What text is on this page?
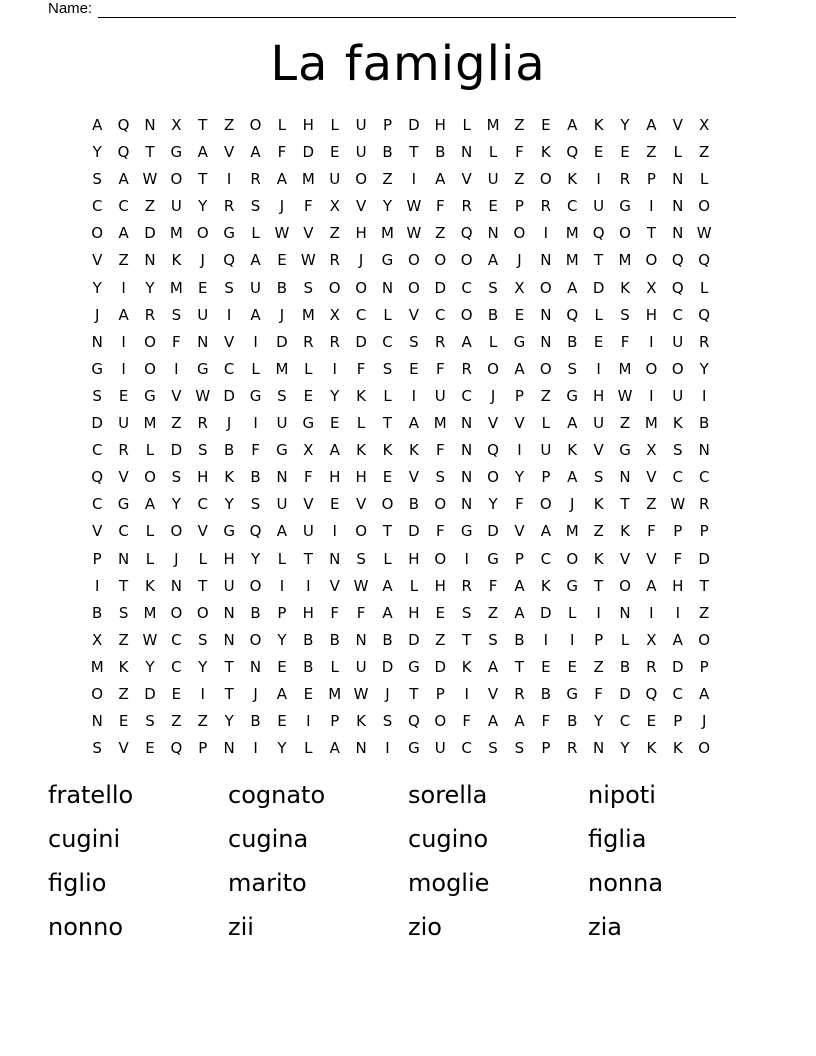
Name:
La famiglia
A	Q N	X	T	Z	O	L	H	L	U	P	D H	L	M Z	E	A	K	Y	A	V	X
Y	Q	T	G	A	V	A	F	D	E	U	B	T	B	N	L	F	K	Q	E	E	Z	L	Z
S	A W O	T	I	R	A M U O	Z	I	A	V	U	Z	O	K	I	R	P	N	L
C	C	Z	U	Y	R	S	J	F	X	V	Y W F	R	E	P	R	C	U	G	I	N O
O	A	D M O G	L W V	Z	H M W Z	Q N O	I	M Q O	T	N W
V	Z	N	K	J	Q	A	E W R	J	G O O O	A	J	N M	T	M O Q Q
Y	I	Y	M	E	S	U	B	S	O O N O D	C	S	X	O	A	D	K	X	Q	L
J	A	R	S	U	I	A	J	M X	C	L	V	C	O	B	E	N Q	L	S	H	C	Q
N	I	O	F	N	V	I	D	R	R	D	C	S	R	A	L	G N	B	E	F	I	U	R
G	I	O	I	G	C	L	M	L	I	F	S	E	F	R	O	A	O	S	I	M O O	Y
S	E	G	V W D G	S	E	Y	K	L	I	U	C	J	P	Z	G H W	I	U	I
D	U M Z	R	J	I	U	G	E	L	T	A M N	V	V	L	A	U	Z M K	B
C	R	L	D	S	B	F	G	X	A	K	K	K	F	N Q	I	U	K	V	G	X	S	N
Q	V	O	S	H	K	B	N	F	H	H	E	V	S	N O	Y	P	A	S	N	V	C	C
C	G	A	Y	C	Y	S	U	V	E	V	O	B	O N	Y	F	O	J	K	T	Z W R
V	C	L	O	V	G Q	A	U	I	O	T	D	F	G D	V	A M Z	K	F	P	P
P	N	L	J	L	H	Y	L	T	N	S	L	H O	I	G	P	C	O	K	V	V	F	D
I	T	K	N	T	U O	I	I	V W A	L	H	R	F	A	K	G	T	O	A	H	T
B	S	M O O N	B	P	H	F	F	A	H	E	S	Z	A	D	L	I	N	I	I	Z
X	Z W C	S	N O	Y	B	B	N	B	D	Z	T	S	B	I	I	P	L	X	A	O
M K	Y	C	Y	T	N	E	B	L	U	D G D	K	A	T	E	E	Z	B	R	D	P
O	Z	D	E	I	T	J	A	E	M W	J	T	P	I	V	R	B	G	F	D Q	C	A
N	E	S	Z	Z	Y	B	E	I	P	K	S	Q O	F	A	A	F	B	Y	C	E	P	J
S	V	E	Q	P	N	I	Y	L	A	N	I	G	U	C	S	S	P	R	N	Y	K	K	O
fratello	cognato	sorella	nipoti
cugini	cugina	cugino	figlia
figlio	marito	moglie	nonna
nonno	zii	zio	zia
